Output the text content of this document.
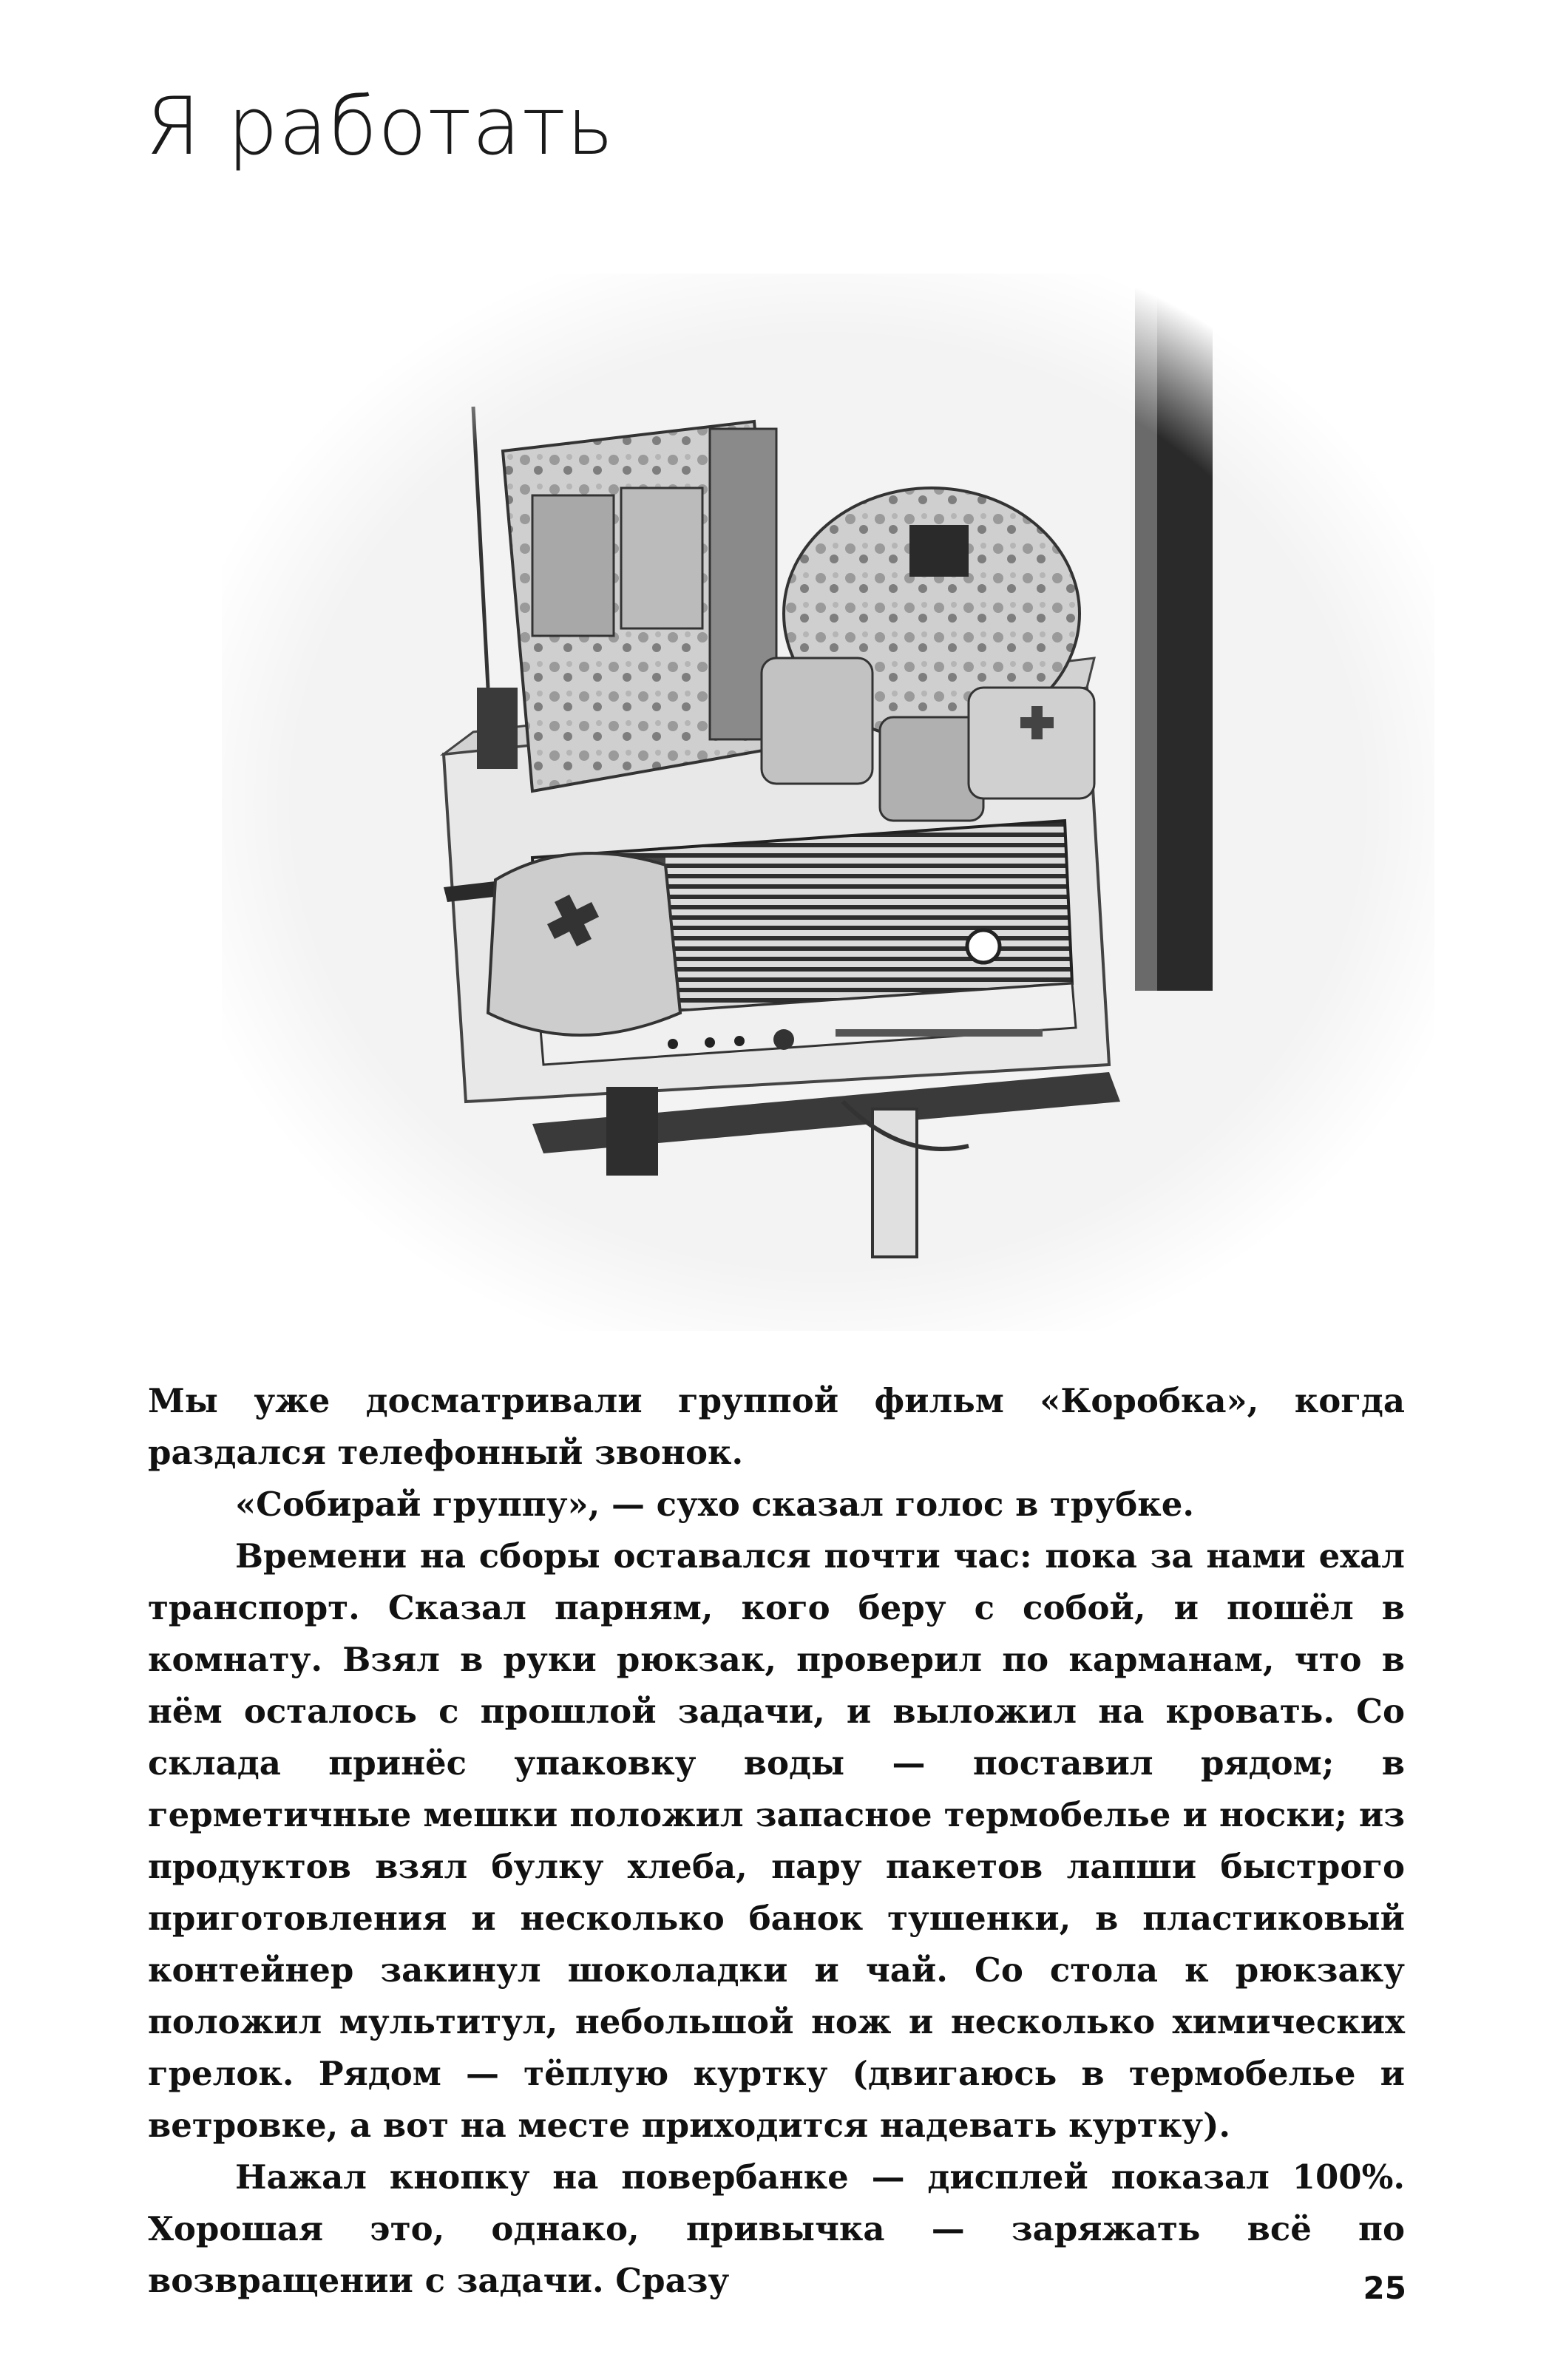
Я работать

Мы уже досматривали группой фильм «Коробка», когда раздался телефонный звонок.

«Собирай группу», — сухо сказал голос в трубке.

Времени на сборы оставался почти час: пока за нами ехал транспорт. Сказал парням, кого беру с собой, и пошёл в комнату. Взял в руки рюкзак, проверил по карманам, что в нём осталось с прошлой задачи, и выложил на кровать. Со склада принёс упаковку воды — поставил рядом; в герметичные мешки положил запасное термобелье и носки; из продуктов взял булку хлеба, пару пакетов лапши быстрого приготовления и несколько банок тушенки, в пластиковый контейнер закинул шоколадки и чай. Со стола к рюкзаку положил мультитул, небольшой нож и несколько химических грелок. Рядом — тёплую куртку (двигаюсь в термобелье и ветровке, а вот на месте приходится надевать куртку).

Нажал кнопку на повербанке — дисплей показал 100%. Хорошая это, однако, привычка — заряжать всё по возвращении с задачи. Сразу	25
